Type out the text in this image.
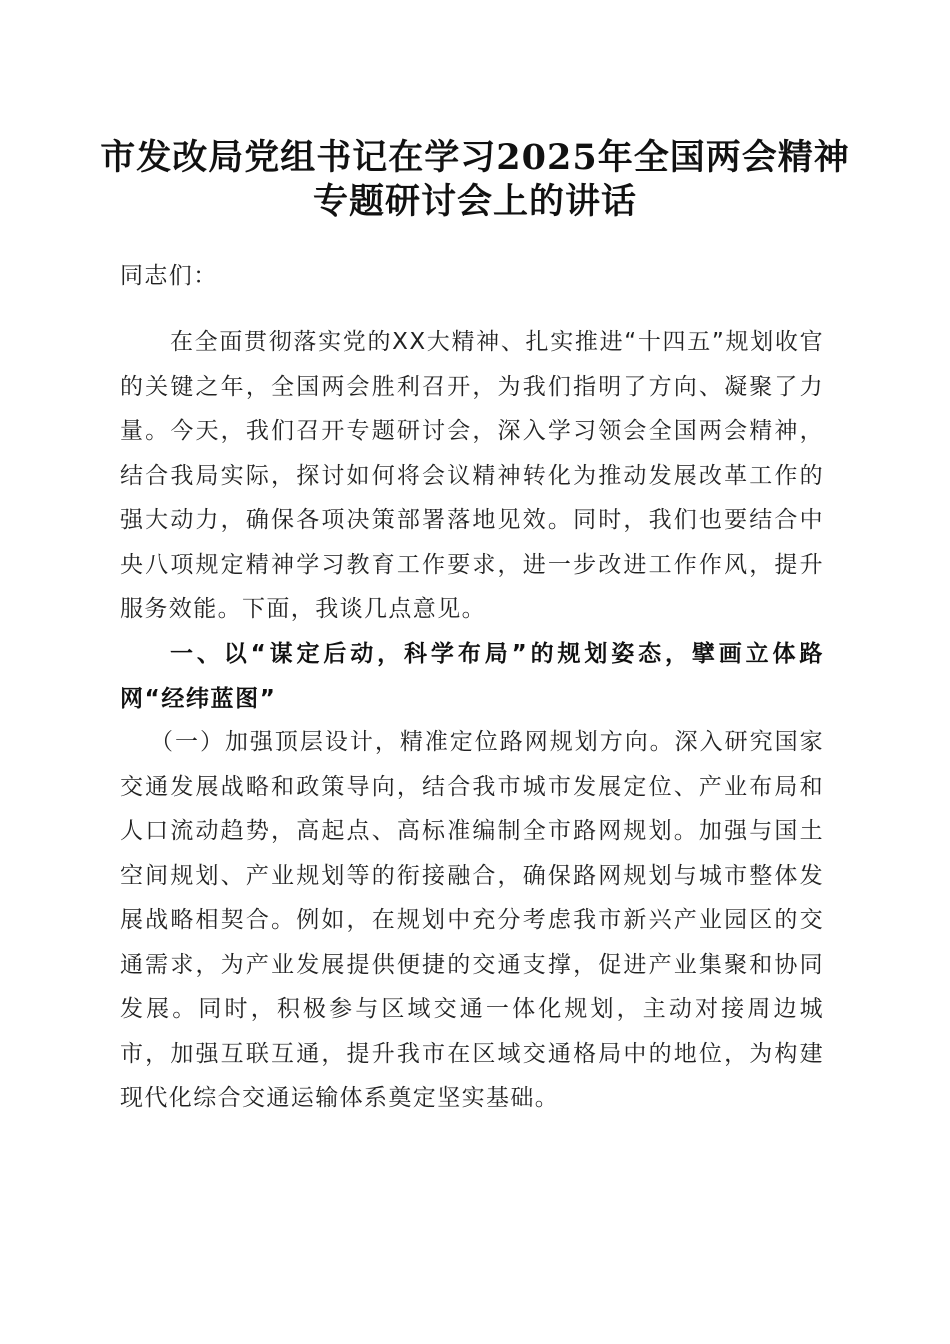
市发改局党组书记在学习2025年全国两会精神专题研讨会上的讲话

同志们：

在全面贯彻落实党的XX大精神、扎实推进“十四五”规划收官的关键之年，全国两会胜利召开，为我们指明了方向、凝聚了力量。今天，我们召开专题研讨会，深入学习领会全国两会精神，结合我局实际，探讨如何将会议精神转化为推动发展改革工作的强大动力，确保各项决策部署落地见效。同时，我们也要结合中央八项规定精神学习教育工作要求，进一步改进工作作风，提升服务效能。下面，我谈几点意见。

一、以“谋定后动，科学布局”的规划姿态，擘画立体路网“经纬蓝图”

（一）加强顶层设计，精准定位路网规划方向。深入研究国家交通发展战略和政策导向，结合我市城市发展定位、产业布局和人口流动趋势，高起点、高标准编制全市路网规划。加强与国土空间规划、产业规划等的衔接融合，确保路网规划与城市整体发展战略相契合。例如，在规划中充分考虑我市新兴产业园区的交通需求，为产业发展提供便捷的交通支撑，促进产业集聚和协同发展。同时，积极参与区域交通一体化规划，主动对接周边城市，加强互联互通，提升我市在区域交通格局中的地位，为构建现代化综合交通运输体系奠定坚实基础。
